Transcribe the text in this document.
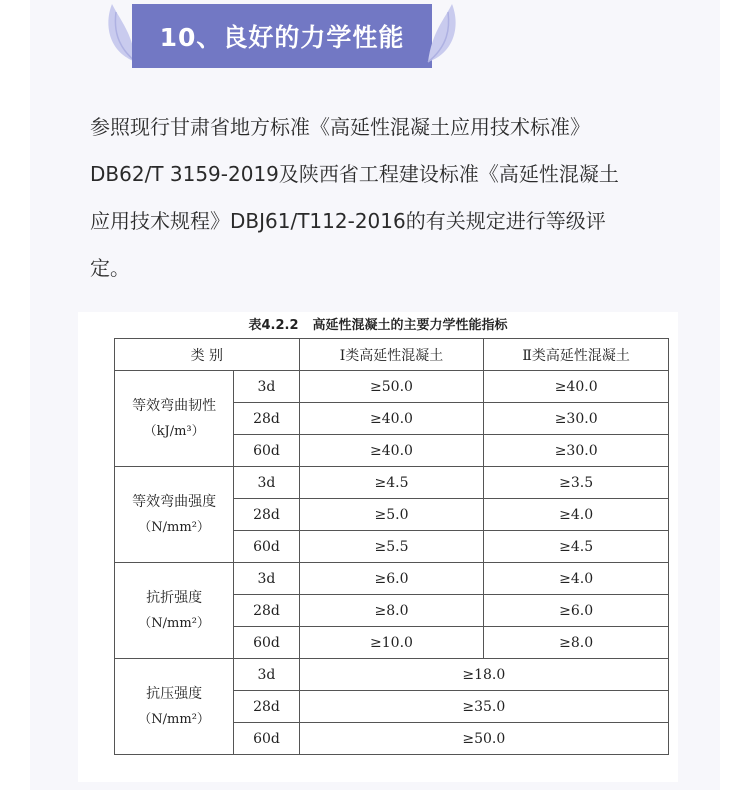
10、良好的力学性能

参照现行甘肃省地方标准《高延性混凝土应用技术标准》
DB62/T 3159-2019及陕西省工程建设标准《高延性混凝土
应用技术规程》DBJ61/T112-2016的有关规定进行等级评
定。

表4.2.2 高延性混凝土的主要力学性能指标
类 别		Ⅰ类高延性混凝土	Ⅱ类高延性混凝土

等效弯曲韧性
（kJ/m³）	3d	≥50.0	≥40.0
	28d	≥40.0	≥30.0
	60d	≥40.0	≥30.0

等效弯曲强度
（N/mm²）	3d	≥4.5	≥3.5
	28d	≥5.0	≥4.0
	60d	≥5.5	≥4.5

抗折强度
（N/mm²）	3d	≥6.0	≥4.0
	28d	≥8.0	≥6.0
	60d	≥10.0	≥8.0

抗压强度
（N/mm²）	3d	≥18.0	
	28d	≥35.0	
	60d	≥50.0	
